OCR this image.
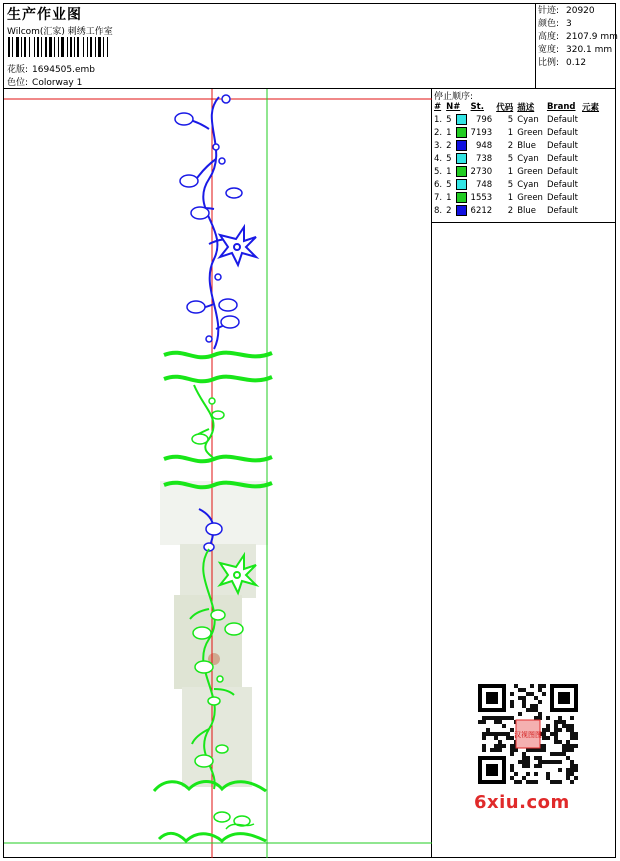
生产作业图
Wilcom(汇家) 刺绣工作室
花版: 1694505.emb
色位: Colorway 1
针迹: 20920
颜色: 3
高度: 2107.9 mm
宽度: 320.1 mm
比例: 0.12
停止顺序:
#	N#		St.	代码	描述	Brand	元素
1.	5		796	5	Cyan	Default	
2.	1		7193	1	Green	Default	
3.	2		948	2	Blue	Default	
4.	5		738	5	Cyan	Default	
5.	1		2730	1	Green	Default	
6.	5		748	5	Cyan	Default	
7.	1		1553	1	Green	Default	
8.	2		6212	2	Blue	Default	
汉视图图
6xiu.com
